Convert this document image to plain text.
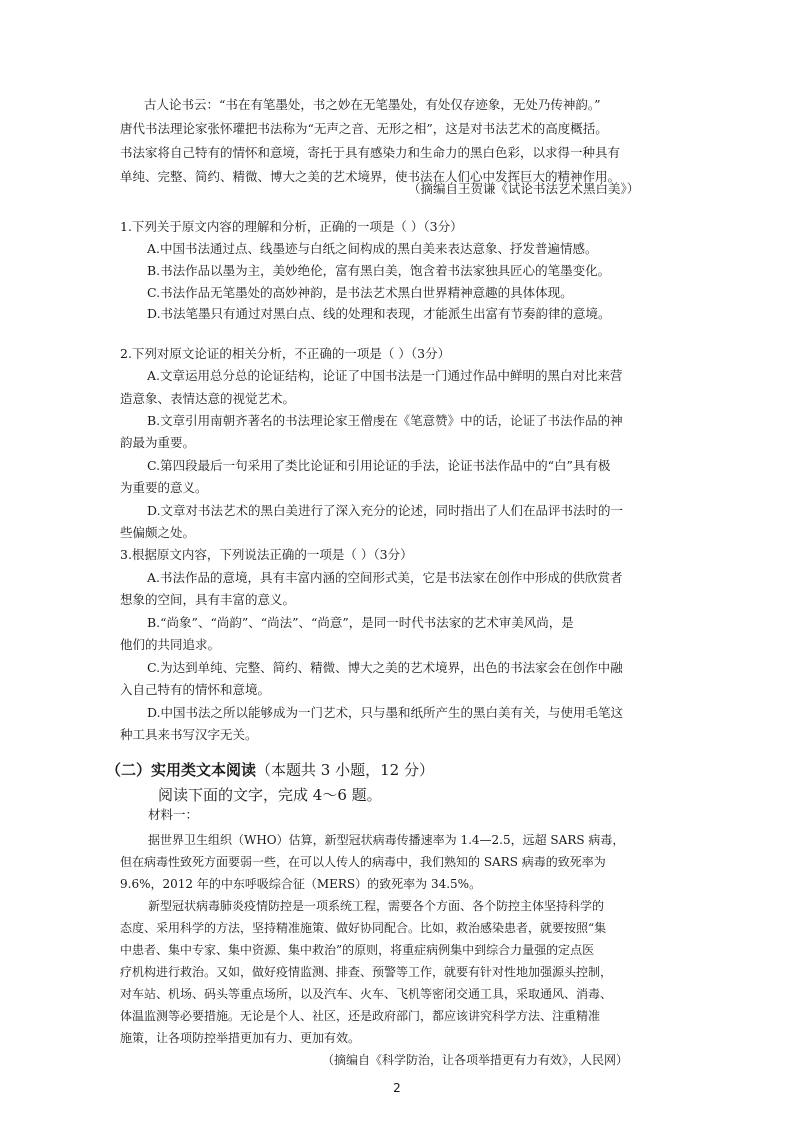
古人论书云：“书在有笔墨处，书之妙在无笔墨处，有处仅存迹象，无处乃传神韵。”
唐代书法理论家张怀瓘把书法称为“无声之音、无形之相”，这是对书法艺术的高度概括。
书法家将自己特有的情怀和意境，寄托于具有感染力和生命力的黑白色彩，以求得一种具有
单纯、完整、简约、精微、博大之美的艺术境界，使书法在人们心中发挥巨大的精神作用。
（摘编自王贺谦《试论书法艺术黑白美》）
1.下列关于原文内容的理解和分析，正确的一项是（ ）（3分）
A.中国书法通过点、线墨迹与白纸之间构成的黑白美来表达意象、抒发普遍情感。
B.书法作品以墨为主，美妙绝伦，富有黑白美，饱含着书法家独具匠心的笔墨变化。
C.书法作品无笔墨处的高妙神韵，是书法艺术黑白世界精神意趣的具体体现。
D.书法笔墨只有通过对黑白点、线的处理和表现，才能派生出富有节奏韵律的意境。
2.下列对原文论证的相关分析，不正确的一项是（ ）（3分）
A.文章运用总分总的论证结构，论证了中国书法是一门通过作品中鲜明的黑白对比来营
造意象、表情达意的视觉艺术。
B.文章引用南朝齐著名的书法理论家王僧虔在《笔意赞》中的话，论证了书法作品的神
韵最为重要。
C.第四段最后一句采用了类比论证和引用论证的手法，论证书法作品中的“白”具有极
为重要的意义。
D.文章对书法艺术的黑白美进行了深入充分的论述，同时指出了人们在品评书法时的一
些偏颇之处。
3.根据原文内容，下列说法正确的一项是（ ）（3分）
A.书法作品的意境，具有丰富内涵的空间形式美，它是书法家在创作中形成的供欣赏者
想象的空间，具有丰富的意义。
B.“尚象”、“尚韵”、“尚法”、“尚意”，是同一时代书法家的艺术审美风尚，是
他们的共同追求。
C.为达到单纯、完整、简约、精微、博大之美的艺术境界，出色的书法家会在创作中融
入自己特有的情怀和意境。
D.中国书法之所以能够成为一门艺术，只与墨和纸所产生的黑白美有关，与使用毛笔这
种工具来书写汉字无关。
（二）实用类文本阅读（本题共 3 小题，12 分）
阅读下面的文字，完成 4～6 题。
材料一：
据世界卫生组织（WHO）估算，新型冠状病毒传播速率为 1.4—2.5，远超 SARS 病毒，
但在病毒性致死方面要弱一些，在可以人传人的病毒中，我们熟知的 SARS 病毒的致死率为
9.6%，2012 年的中东呼吸综合征（MERS）的致死率为 34.5%。
新型冠状病毒肺炎疫情防控是一项系统工程，需要各个方面、各个防控主体坚持科学的
态度、采用科学的方法，坚持精准施策、做好协同配合。比如，救治感染患者，就要按照“集
中患者、集中专家、集中资源、集中救治”的原则，将重症病例集中到综合力量强的定点医
疗机构进行救治。又如，做好疫情监测、排查、预警等工作，就要有针对性地加强源头控制，
对车站、机场、码头等重点场所，以及汽车、火车、飞机等密闭交通工具，采取通风、消毒、
体温监测等必要措施。无论是个人、社区，还是政府部门，都应该讲究科学方法、注重精准
施策，让各项防控举措更加有力、更加有效。
（摘编自《科学防治，让各项举措更有力有效》，人民网）
2
